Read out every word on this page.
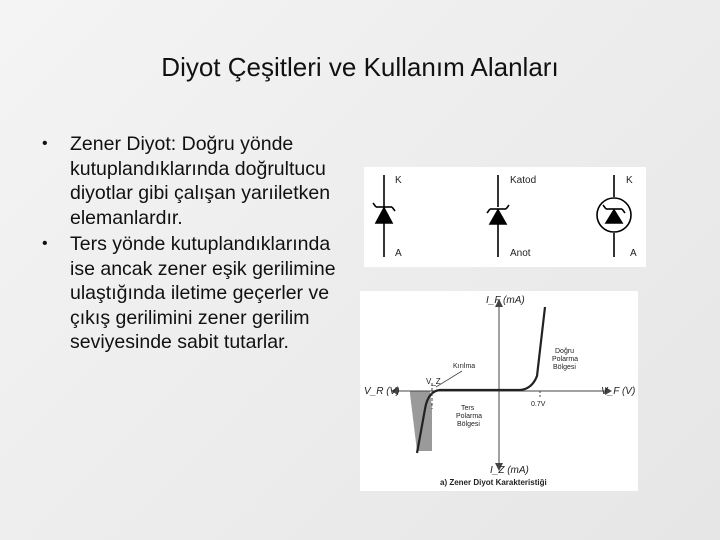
Diyot Çeşitleri ve Kullanım Alanları
• Zener Diyot: Doğru yönde kutuplandıklarında doğrultucu diyotlar gibi çalışan yarıiletken elemanlardır.
• Ters yönde kutuplandıklarında ise ancak zener eşik gerilimine ulaştığında iletime geçerler ve çıkış gerilimini zener gerilim seviyesinde sabit tutarlar.
K
A
Katod
Anot
K
A
I_F (mA)
I_Z (mA)
V_R (V)	V_F (V)
V_Z
Kırılma
0.7V
Doğru Polarma Bölgesi
Ters Polarma Bölgesi
a) Zener Diyot Karakteristiği
